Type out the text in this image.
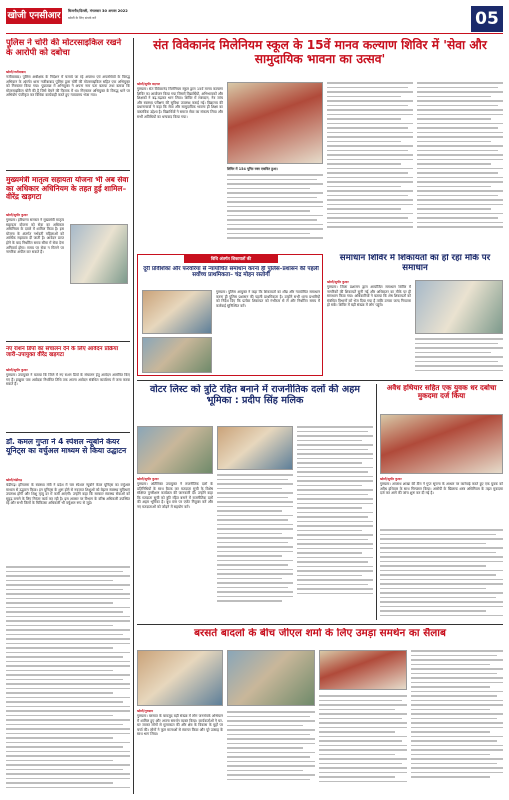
खोजी एनसीआर	बिजनौर/दिल्ली, मंगलवार 30 अगस्त 2022
खोजी के लिए संपर्क करें	05
पुलिस ने चोरी की मोटरसाइकिल रखने के आरोपी को दबोचा
खोजी/नजीबाबाद
नजीबाबाद। पुलिस अधीक्षक के निर्देशन में चलाये जा रहे अपराध एवं अपराधियों के विरुद्ध अभियान के अंतर्गत थाना नजीबाबाद पुलिस द्वारा चोरी की मोटरसाइकिल सहित एक अभियुक्त को गिरफ्तार किया गया। पूछताछ में अभियुक्त ने अपना नाम पता बताया तथा बताया कि मोटरसाइकिल चोरी की है जिसे बेचने की फिराक में था। गिरफ्तार अभियुक्त के विरुद्ध थाने पर अभियोग पंजीकृत कर विधिक कार्यवाही करते हुए न्यायालय भेजा गया।
मुख्यमंत्री मातृत्व सहायता योजना भी अब सेवा का अधिकार अधिनियम के तहत हुई शामिल–वीरेंद्र खड़गटा
खोजी/सुधीर कुमार
गुरुग्राम। हरियाणा सरकार ने मुख्यमंत्री मातृत्व सहायता योजना को सेवा का अधिकार अधिनियम के दायरे में शामिल किया है। इस योजना के अंतर्गत गर्भवती महिलाओं को आर्थिक सहायता दी जाती है। आवेदन प्राप्त होने के बाद निर्धारित समय सीमा में सेवा देना अनिवार्य होगा। समय पर सेवा न मिलने पर नागरिक अपील कर सकते हैं।
नए राशन डिपो का संचालन देने के लिए आवेदन प्रक्रिया जारी–उपायुक्त वीरेंद्र खड़गटा
खोजी/सुधीर कुमार
गुरुग्राम। उपायुक्त ने बताया कि जिले में नए राशन डिपो के संचालन हेतु आवेदन आमंत्रित किए गए हैं। इच्छुक पात्र आवेदक निर्धारित तिथि तक अपना आवेदन संबंधित कार्यालय में जमा करवा सकते हैं।
डॉ. कमल गुप्ता ने 4 स्पेशल न्यूबोर्न केयर यूनिट्स का वर्चुअल माध्यम से किया उद्घाटन
खोजी/चंडीगढ़
चंडीगढ़। हरियाणा के स्वास्थ्य मंत्री ने प्रदेश में चार स्पेशल न्यूबोर्न केयर यूनिट्स का वर्चुअल माध्यम से उद्घाटन किया। इन यूनिट्स के शुरू होने से नवजात शिशुओं को बेहतर स्वास्थ्य सुविधाएं उपलब्ध होंगी और शिशु मृत्यु दर में कमी आएगी। उन्होंने कहा कि सरकार स्वास्थ्य सेवाओं को सुदृढ़ बनाने के लिए निरंतर कार्य कर रही है। इस अवसर पर विभाग के वरिष्ठ अधिकारी उपस्थित रहे और सभी जिलों के चिकित्सा अधिकारी भी वर्चुअल रूप से जुड़े।
संत विवेकानंद मिलेनियम स्कूल के 15वें मानव कल्याण शिविर में 'सेवा और सामुदायिक भावना का उत्सव'
खोजी/सुधीर सहगल
गुरुग्राम। संत विवेकानंद मिलेनियम स्कूल द्वारा 15वें मानव कल्याण शिविर का आयोजन किया गया जिसमें विद्यार्थियों, अभिभावकों और शिक्षकों ने बढ़-चढ़कर भाग लिया। शिविर में रक्तदान, नेत्र जांच और स्वास्थ्य परीक्षण की सुविधा उपलब्ध कराई गई। विद्यालय की प्रधानाचार्या ने कहा कि सेवा और सामुदायिक भावना ही शिक्षा का वास्तविक उद्देश्य है। विद्यार्थियों ने समाज सेवा का संकल्प लिया और सभी अतिथियों का धन्यवाद किया गया।
शिविर में 154 यूनिट रक्त एकत्रित हुआ।
विधि अंतर्गत शिकायतों की
दूरी प्रविशिका और फरवरियां से न्यायोचित समाधान करना ही पुलिस–प्रशासन की पहली सर्वोच्च प्राथमिकता– चंद्र मोहन रस्तोगी
गुरुग्राम। पुलिस आयुक्त ने कहा कि शिकायतों का शीघ्र और न्यायोचित समाधान करना ही पुलिस प्रशासन की पहली प्राथमिकता है। उन्होंने सभी थाना प्रभारियों को निर्देश दिए कि प्रत्येक शिकायत को गंभीरता से लें और निर्धारित समय में कार्रवाई सुनिश्चित करें।
समाधान शिविर में शिकायतों का हो रहा मौके पर समाधान
खोजी/सुधीर कुमार
गुरुग्राम। जिला प्रशासन द्वारा आयोजित समाधान शिविर में नागरिकों की शिकायतें सुनी गईं और अधिकतर का मौके पर ही समाधान किया गया। अधिकारियों ने बताया कि शेष शिकायतों को संबंधित विभागों को भेज दिया गया है ताकि उनका जल्द निपटारा हो सके। शिविर में बड़ी संख्या में लोग पहुंचे।
वोटर लिस्ट को त्रुटि रहित बनाने में राजनीतिक दलों की अहम भूमिका : प्रदीप सिंह मलिक
खोजी/सुधीर कुमार
गुरुग्राम। अतिरिक्त उपायुक्त ने राजनीतिक दलों के प्रतिनिधियों के साथ बैठक कर मतदाता सूची के विशेष संक्षिप्त पुनरीक्षण कार्यक्रम की जानकारी दी। उन्होंने कहा कि मतदाता सूची को त्रुटि रहित बनाने में राजनीतिक दलों की अहम भूमिका है। बूथ स्तर पर एजेंट नियुक्त करें और नए मतदाताओं को जोड़ने में सहयोग करें।
अवैध हथियार सहित एक युवक धर दबोचा मुकदमा दर्ज किया
खोजी/सुधीर कुमार
गुरुग्राम। अपराध शाखा की टीम ने गुप्त सूचना के आधार पर कार्रवाई करते हुए एक युवक को अवैध हथियार के साथ गिरफ्तार किया। आरोपी के खिलाफ शस्त्र अधिनियम के तहत मुकदमा दर्ज कर आगे की जांच शुरू कर दी गई है।
बरसते बादलों के बीच जीएल शर्मा के लिए उमड़ा समर्थन का सैलाब
खोजी/गुरुग्राम
गुरुग्राम। बरसात के बावजूद बड़ी संख्या में लोग जनसंपर्क अभियान में शामिल हुए और अपना समर्थन व्यक्त किया। कार्यकर्ताओं ने घर-घर जाकर लोगों से मुलाकात की और क्षेत्र के विकास के मुद्दों पर चर्चा की। लोगों ने फूल मालाओं से स्वागत किया और पूरे उत्साह के साथ भाग लिया।
